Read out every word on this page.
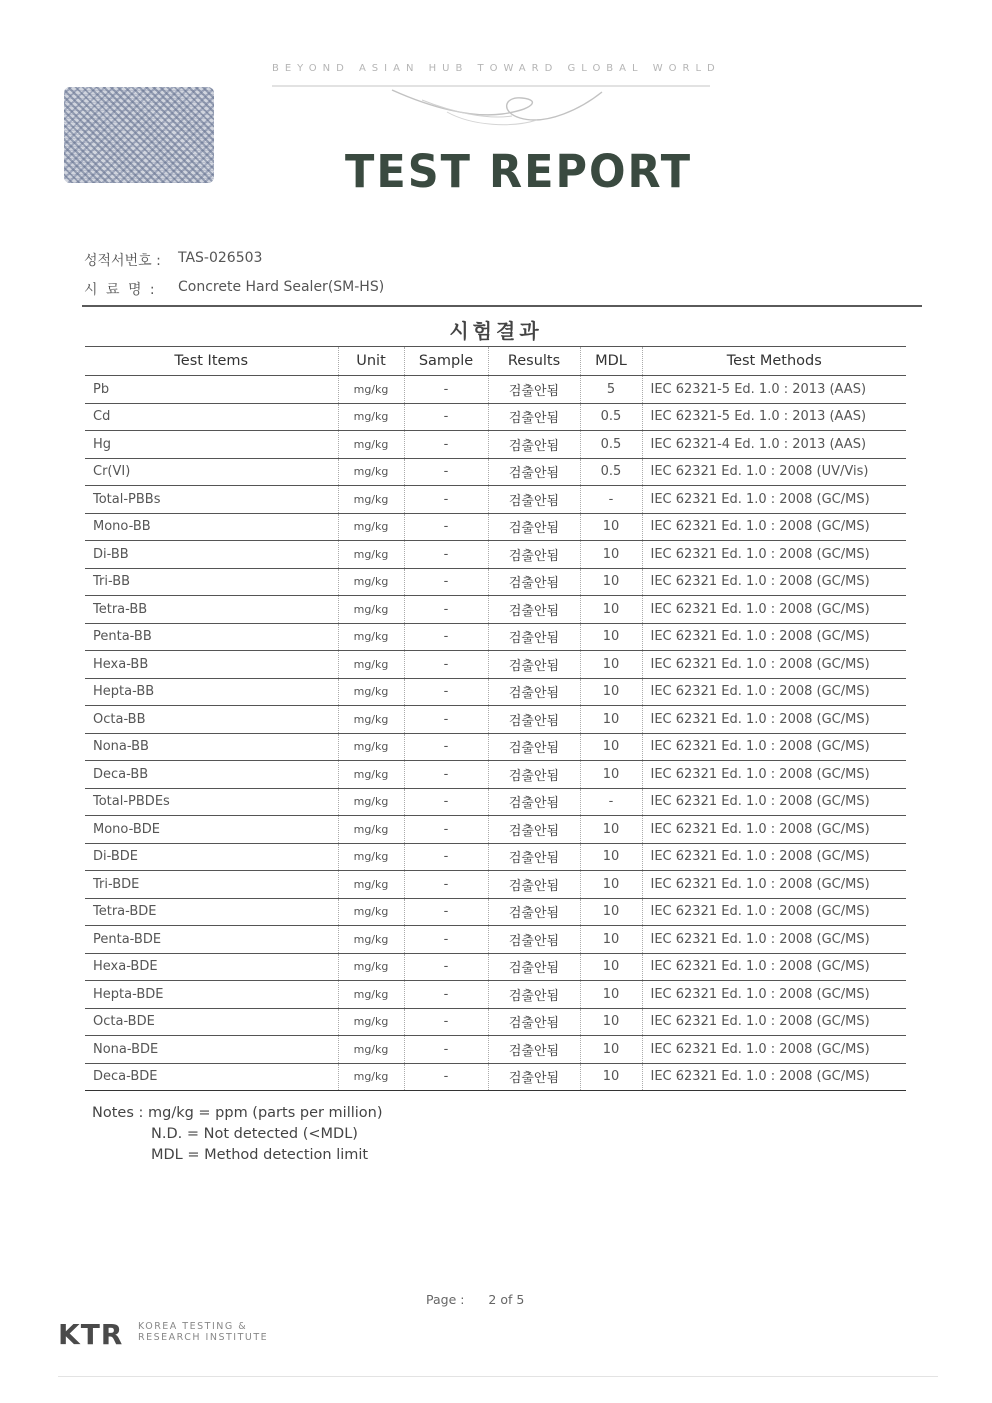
BEYOND ASIAN HUB TOWARD GLOBAL WORLD
TEST REPORT
성적서번호 : TAS-026503
시 료 명 : Concrete Hard Sealer(SM-HS)
시험결과
Test Items	Unit	Sample	Results	MDL	Test Methods
Pb	mg/kg	-	검출안됨	5	IEC 62321-5 Ed. 1.0 : 2013 (AAS)
Cd	mg/kg	-	검출안됨	0.5	IEC 62321-5 Ed. 1.0 : 2013 (AAS)
Hg	mg/kg	-	검출안됨	0.5	IEC 62321-4 Ed. 1.0 : 2013 (AAS)
Cr(VI)	mg/kg	-	검출안됨	0.5	IEC 62321 Ed. 1.0 : 2008 (UV/Vis)
Total-PBBs	mg/kg	-	검출안됨	-	IEC 62321 Ed. 1.0 : 2008 (GC/MS)
Mono-BB	mg/kg	-	검출안됨	10	IEC 62321 Ed. 1.0 : 2008 (GC/MS)
Di-BB	mg/kg	-	검출안됨	10	IEC 62321 Ed. 1.0 : 2008 (GC/MS)
Tri-BB	mg/kg	-	검출안됨	10	IEC 62321 Ed. 1.0 : 2008 (GC/MS)
Tetra-BB	mg/kg	-	검출안됨	10	IEC 62321 Ed. 1.0 : 2008 (GC/MS)
Penta-BB	mg/kg	-	검출안됨	10	IEC 62321 Ed. 1.0 : 2008 (GC/MS)
Hexa-BB	mg/kg	-	검출안됨	10	IEC 62321 Ed. 1.0 : 2008 (GC/MS)
Hepta-BB	mg/kg	-	검출안됨	10	IEC 62321 Ed. 1.0 : 2008 (GC/MS)
Octa-BB	mg/kg	-	검출안됨	10	IEC 62321 Ed. 1.0 : 2008 (GC/MS)
Nona-BB	mg/kg	-	검출안됨	10	IEC 62321 Ed. 1.0 : 2008 (GC/MS)
Deca-BB	mg/kg	-	검출안됨	10	IEC 62321 Ed. 1.0 : 2008 (GC/MS)
Total-PBDEs	mg/kg	-	검출안됨	-	IEC 62321 Ed. 1.0 : 2008 (GC/MS)
Mono-BDE	mg/kg	-	검출안됨	10	IEC 62321 Ed. 1.0 : 2008 (GC/MS)
Di-BDE	mg/kg	-	검출안됨	10	IEC 62321 Ed. 1.0 : 2008 (GC/MS)
Tri-BDE	mg/kg	-	검출안됨	10	IEC 62321 Ed. 1.0 : 2008 (GC/MS)
Tetra-BDE	mg/kg	-	검출안됨	10	IEC 62321 Ed. 1.0 : 2008 (GC/MS)
Penta-BDE	mg/kg	-	검출안됨	10	IEC 62321 Ed. 1.0 : 2008 (GC/MS)
Hexa-BDE	mg/kg	-	검출안됨	10	IEC 62321 Ed. 1.0 : 2008 (GC/MS)
Hepta-BDE	mg/kg	-	검출안됨	10	IEC 62321 Ed. 1.0 : 2008 (GC/MS)
Octa-BDE	mg/kg	-	검출안됨	10	IEC 62321 Ed. 1.0 : 2008 (GC/MS)
Nona-BDE	mg/kg	-	검출안됨	10	IEC 62321 Ed. 1.0 : 2008 (GC/MS)
Deca-BDE	mg/kg	-	검출안됨	10	IEC 62321 Ed. 1.0 : 2008 (GC/MS)
Notes : mg/kg = ppm (parts per million)
N.D. = Not detected (<MDL)
MDL = Method detection limit
Page : 2 of 5
KTR KOREA TESTING &
RESEARCH INSTITUTE
